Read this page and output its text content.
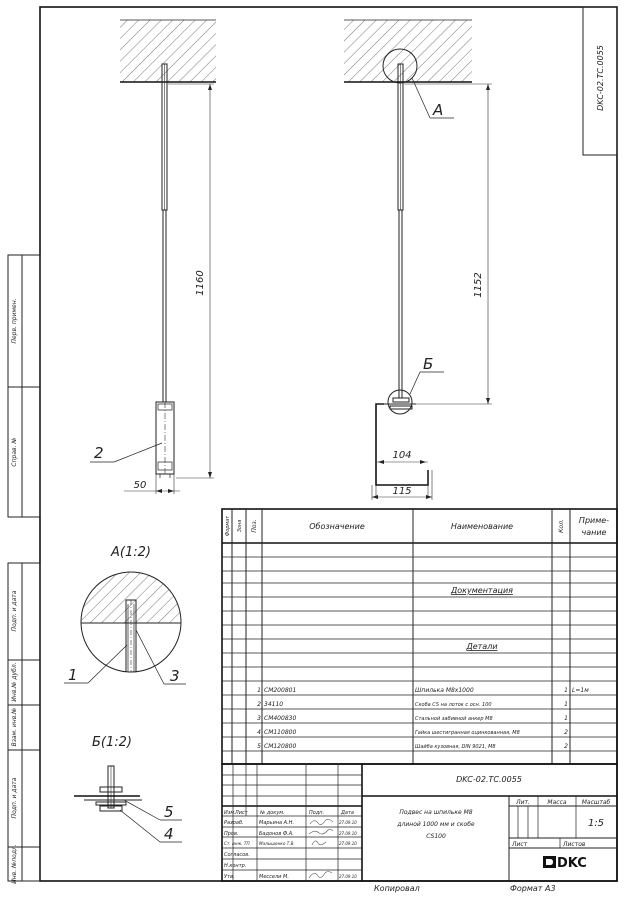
DKC-02.TC.0055
Перв. примен.
Справ. №
Подп. и дата
Инв.№ дубл.
Взам. инв.№
Подп. и дата
Инв. №подл.
1160
50
2
А
Б
1152
104
115
А(1:2)
1	3
Б(1:2)
5
4
Формат Зона Поз.	Обозначение	Наименование	Кол. Приме-
чание
Документация
Детали
1 CM200801	Шпилька M8x1000	1 L=1м
2 34110	Скоба CS на лоток с осн. 100	1
3 CM400830	Стальной забивной анкер M8	1
4 CM110800	Гайка шестигранная оцинкованная, M8	2
5 CM120800	Шайба кузовная, DIN 9021, M8	2
Изм. Лист № докум.	Подп.	Дата
Разраб.	Марьина А.Н.	27.09.10
Пров.	Бадонов Ф.А.	27.09.10
Ст. инж. ТП Малышенко Т.В.	27.09.10
Согласов.
Н.контр.
Утв.	Мессели М.	27.09.10
DKC-02.TC.0055
Подвес на шпильке M8
длиной 1000 мм и скобе
CS100
Лит.	Масса	Масштаб
1:5
Лист	Листов
DKC
Копировал	Формат А3
